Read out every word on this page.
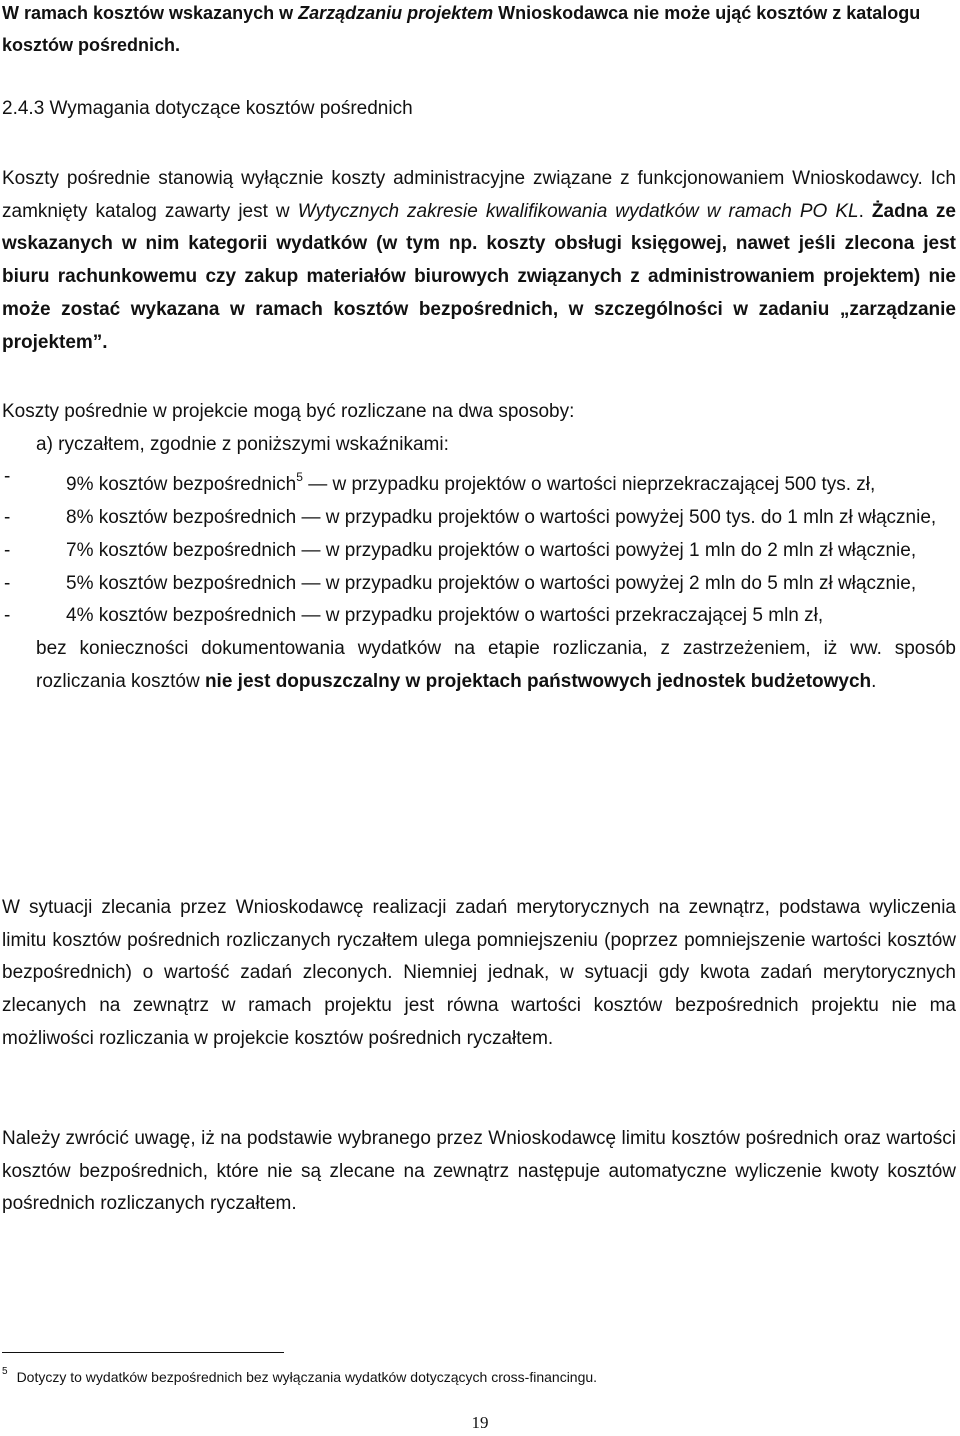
W ramach kosztów wskazanych w Zarządzaniu projektem Wnioskodawca nie może ująć kosztów z katalogu kosztów pośrednich.
2.4.3 Wymagania dotyczące kosztów pośrednich
Koszty pośrednie stanowią wyłącznie koszty administracyjne związane z funkcjonowaniem Wnioskodawcy. Ich zamknięty katalog zawarty jest w Wytycznych zakresie kwalifikowania wydatków w ramach PO KL. Żadna ze wskazanych w nim kategorii wydatków (w tym np. koszty obsługi księgowej, nawet jeśli zlecona jest biuru rachunkowemu czy zakup materiałów biurowych związanych z administrowaniem projektem) nie może zostać wykazana w ramach kosztów bezpośrednich, w szczególności w zadaniu „zarządzanie projektem”.
Koszty pośrednie w projekcie mogą być rozliczane na dwa sposoby:
a) ryczałtem, zgodnie z poniższymi wskaźnikami:
-	9% kosztów bezpośrednich$^5$ — w przypadku projektów o wartości nieprzekraczającej 500 tys. zł,
-	8% kosztów bezpośrednich — w przypadku projektów o wartości powyżej 500 tys. do 1 mln zł włącznie,
-	7% kosztów bezpośrednich — w przypadku projektów o wartości powyżej 1 mln do 2 mln zł włącznie,
-	5% kosztów bezpośrednich — w przypadku projektów o wartości powyżej 2 mln do 5 mln zł włącznie,
-	4% kosztów bezpośrednich — w przypadku projektów o wartości przekraczającej 5 mln zł,
bez konieczności dokumentowania wydatków na etapie rozliczania, z zastrzeżeniem, iż ww. sposób rozliczania kosztów nie jest dopuszczalny w projektach państwowych jednostek budżetowych.
W sytuacji zlecania przez Wnioskodawcę realizacji zadań merytorycznych na zewnątrz, podstawa wyliczenia limitu kosztów pośrednich rozliczanych ryczałtem ulega pomniejszeniu (poprzez pomniejszenie wartości kosztów bezpośrednich) o wartość zadań zleconych. Niemniej jednak, w sytuacji gdy kwota zadań merytorycznych zlecanych na zewnątrz w ramach projektu jest równa wartości kosztów bezpośrednich projektu nie ma możliwości rozliczania w projekcie kosztów pośrednich ryczałtem.
Należy zwrócić uwagę, iż na podstawie wybranego przez Wnioskodawcę limitu kosztów pośrednich oraz wartości kosztów bezpośrednich, które nie są zlecane na zewnątrz następuje automatyczne wyliczenie kwoty kosztów pośrednich rozliczanych ryczałtem.
$^5$ Dotyczy to wydatków bezpośrednich bez wyłączania wydatków dotyczących cross-financingu.
19
